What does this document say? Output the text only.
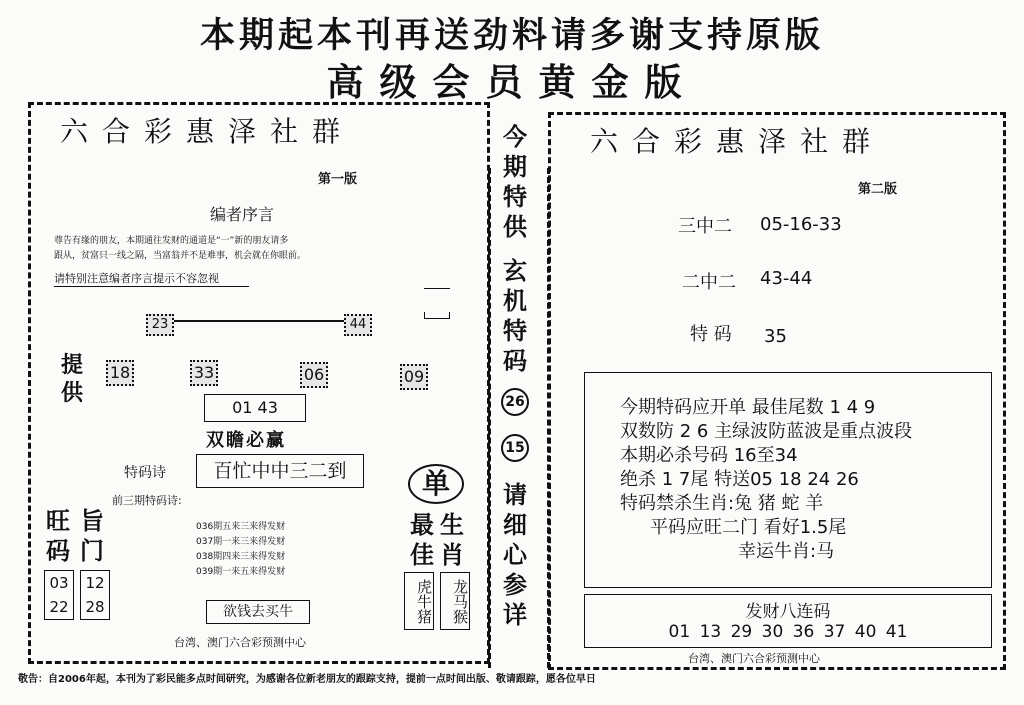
本期起本刊再送劲料请多谢支持原版
高级会员黄金版
六合彩惠泽社群
第一版
编者序言
尊告有缘的朋友，本期通往发财的通道是“一”新的朋友请多
跟从，贫富只一线之隔，当富翁并不是难事，机会就在你眼前。
请特别注意编者序言提示不容忽视
23	44
提供
18	33	06	09
01 43
双瞻必赢
特码诗	百忙中中三二到
前三期特码诗:
036期五来三来得发财
037期一来三来得发财
038期四来三来得发财
039期一来五来得发财
旺码
旨门
03
22
12
28
单
最佳
生肖
虎牛猪	龙马猴
欲钱去买牛
台湾、澳门六合彩预测中心
今期特供
玄机特码
26
15
请细心参详
六合彩惠泽社群
第二版
三中二 05-16-33
二中二 43-44
特 码 35
今期特码应开单 最佳尾数 1 4 9
双数防 2 6 主绿波防蓝波是重点波段
本期必杀号码 16至34
绝杀 1 7尾 特送05 18 24 26
特码禁杀生肖:兔 猪 蛇 羊
平码应旺二门 看好1.5尾
幸运牛肖:马
发财八连码
01 13 29 30 36 37 40 41
台湾、澳门六合彩预测中心
敬告：自2006年起，本刊为了彩民能多点时间研究，为感谢各位新老朋友的跟踪支持，提前一点时间出版、敬请跟踪，愿各位早日
